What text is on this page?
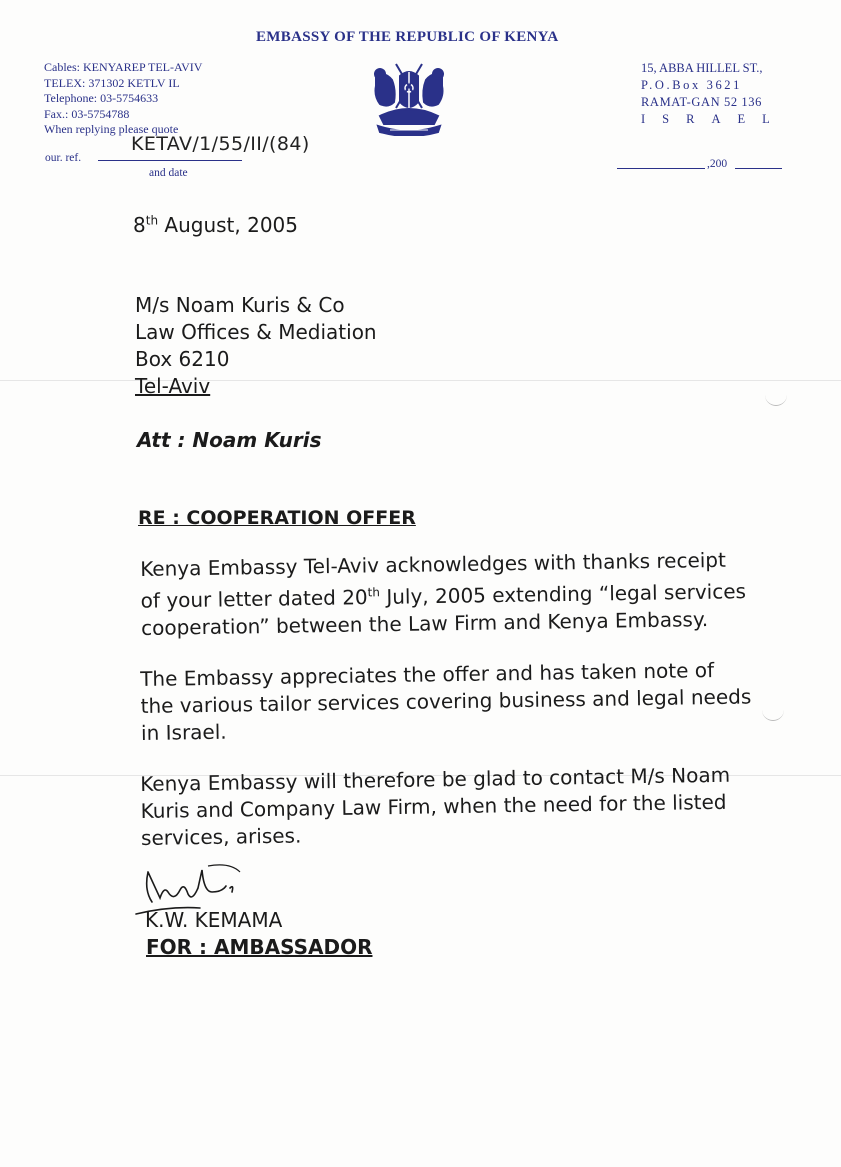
EMBASSY OF THE REPUBLIC OF KENYA
Cables: KENYAREP TEL-AVIV
TELEX: 371302 KETLV IL
Telephone: 03-5754633
Fax.: 03-5754788
When replying please quote
15, ABBA HILLEL ST.,
P.O.Box 3621
RAMAT-GAN 52 136
ISRAEL
our. ref.
KETAV/1/55/II/(84)
and date
,200
8th August, 2005
M/s Noam Kuris & Co
Law Offices & Mediation
Box 6210
Tel-Aviv
Att : Noam Kuris
RE : COOPERATION OFFER
Kenya Embassy Tel-Aviv acknowledges with thanks receipt
of your letter dated 20th July, 2005 extending “legal services
cooperation” between the Law Firm and Kenya Embassy.
The Embassy appreciates the offer and has taken note of
the various tailor services covering business and legal needs
in Israel.
Kenya Embassy will therefore be glad to contact M/s Noam
Kuris and Company Law Firm, when the need for the listed
services, arises.
K.W. KEMAMA
FOR : AMBASSADOR
